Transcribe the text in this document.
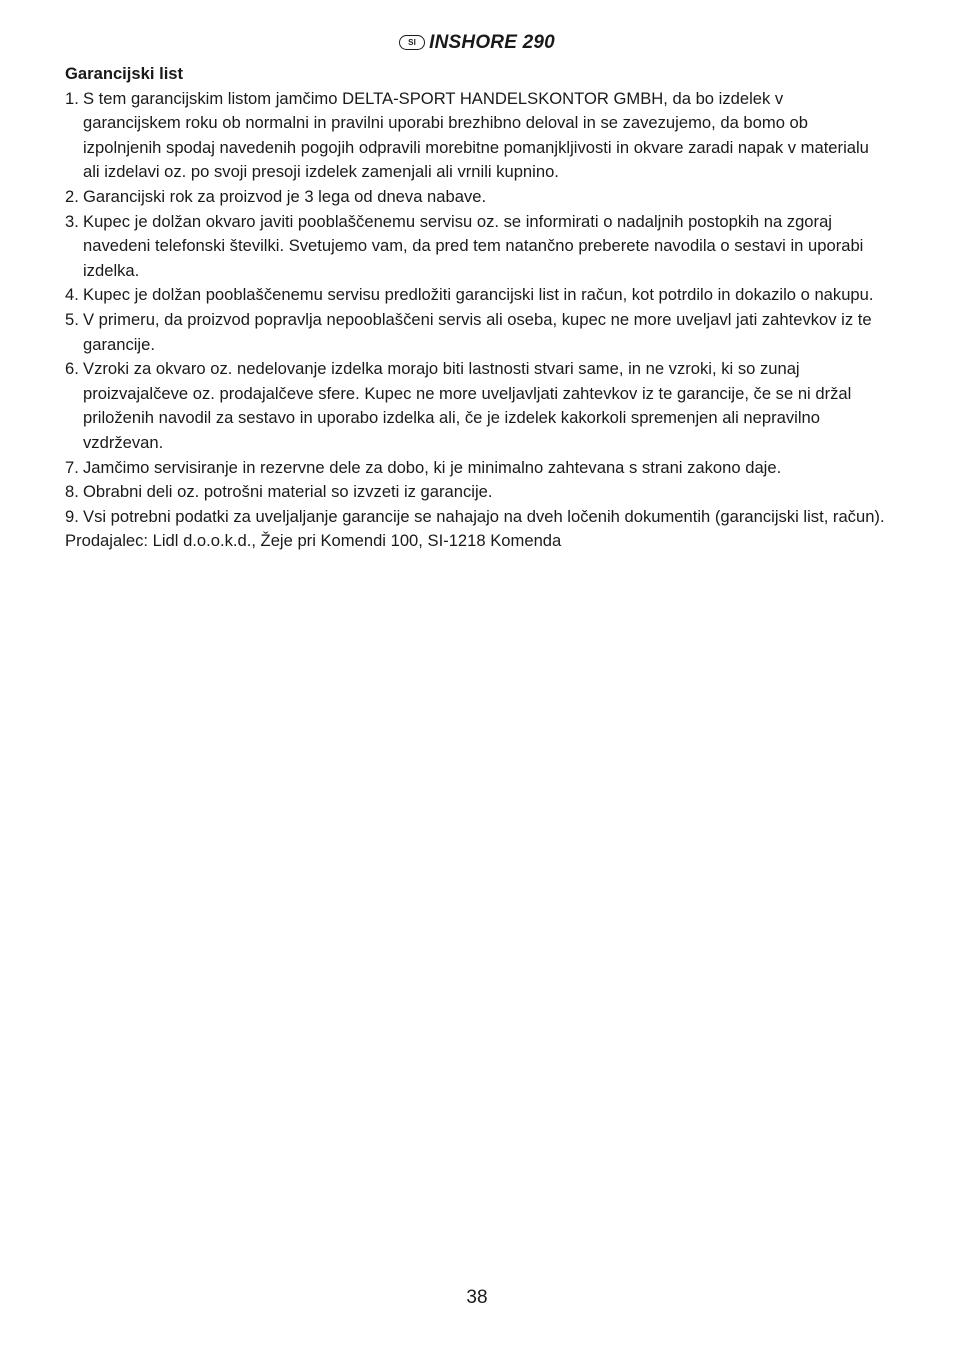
SI INSHORE 290
Garancijski list
1. S tem garancijskim listom jamčimo DELTA-SPORT HANDELSKONTOR GMBH, da bo izdelek v garancijskem roku ob normalni in pravilni uporabi brezhibno deloval in se zavezujemo, da bomo ob izpolnjenih spodaj navedenih pogojih odpravili morebitne pomanjkljivosti in okvare zaradi napak v materialu ali izdelavi oz. po svoji presoji izdelek zamenjali ali vrnili kupnino.
2. Garancijski rok za proizvod je 3 lega od dneva nabave.
3. Kupec je dolžan okvaro javiti pooblaščenemu servisu oz. se informirati o nadaljnih postopkih na zgoraj navedeni telefonski številki. Svetujemo vam, da pred tem natančno preberete navodila o sestavi in uporabi izdelka.
4. Kupec je dolžan pooblaščenemu servisu predložiti garancijski list in račun, kot potrdilo in dokazilo o nakupu.
5. V primeru, da proizvod popravlja nepooblaščeni servis ali oseba, kupec ne more uveljavl jati zahtevkov iz te garancije.
6. Vzroki za okvaro oz. nedelovanje izdelka morajo biti lastnosti stvari same, in ne vzroki, ki so zunaj proizvajalčeve oz. prodajalčeve sfere. Kupec ne more uveljavljati zahtevkov iz te garancije, če se ni držal priloženih navodil za sestavo in uporabo izdelka ali, če je izdelek kakorkoli spremenjen ali nepravilno vzdrževan.
7. Jamčimo servisiranje in rezervne dele za dobo, ki je minimalno zahtevana s strani zakono daje.
8. Obrabni deli oz. potrošni material so izvzeti iz garancije.
9. Vsi potrebni podatki za uveljaljanje garancije se nahajajo na dveh ločenih dokumentih (garancijski list, račun).
Prodajalec: Lidl d.o.o.k.d., Žeje pri Komendi 100, SI-1218 Komenda
38
